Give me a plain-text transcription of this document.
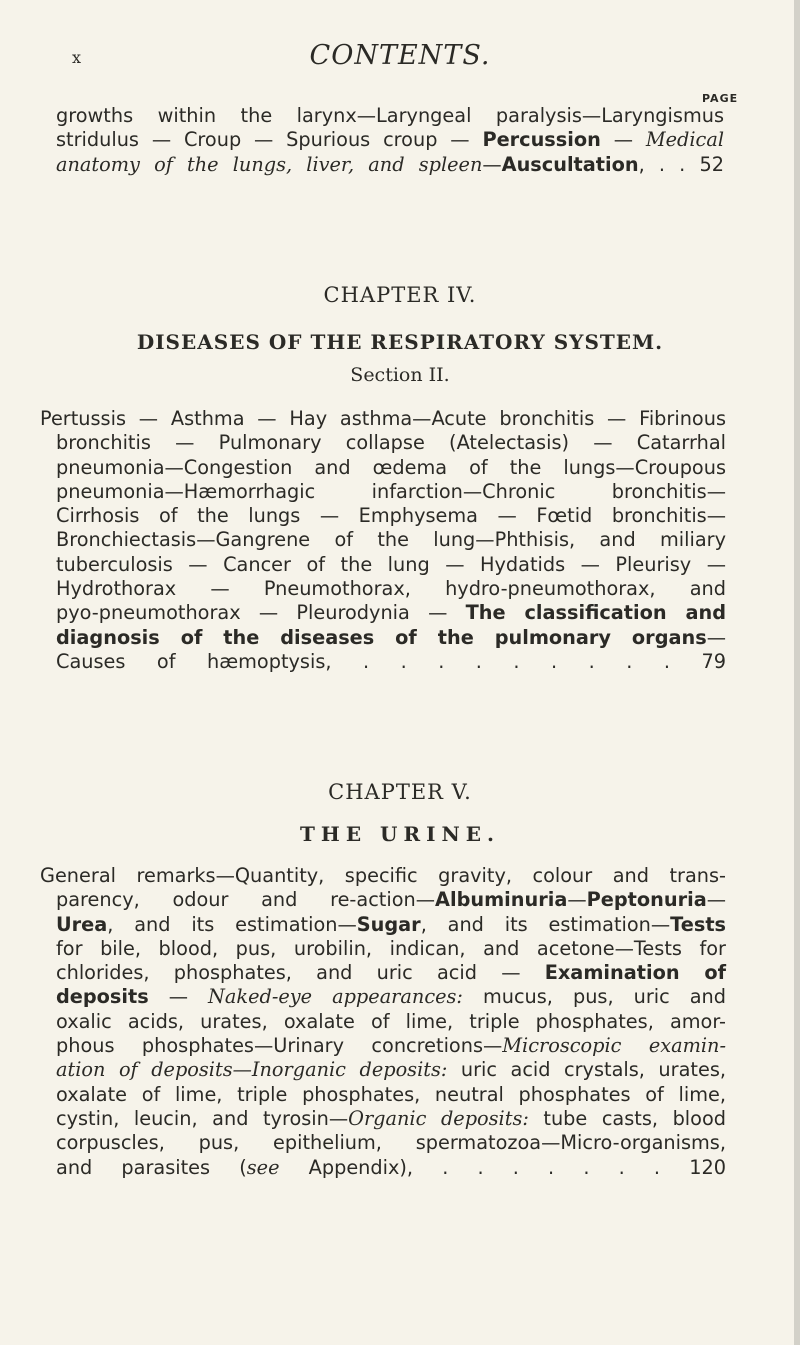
x	CONTENTS.
PAGE
growths within the larynx—Laryngeal paralysis—Laryngismus
stridulus — Croup — Spurious croup — Percussion — Medical
anatomy of the lungs, liver, and spleen—Auscultation, . . 52
CHAPTER IV.
DISEASES OF THE RESPIRATORY SYSTEM.
Section II.
Pertussis — Asthma — Hay asthma—Acute bronchitis — Fibrinous
bronchitis — Pulmonary collapse (Atelectasis) — Catarrhal
pneumonia—Congestion and œdema of the lungs—Croupous
pneumonia—Hæmorrhagic infarction—Chronic bronchitis—
Cirrhosis of the lungs — Emphysema — Fœtid bronchitis—
Bronchiectasis—Gangrene of the lung—Phthisis, and miliary
tuberculosis — Cancer of the lung — Hydatids — Pleurisy —
Hydrothorax — Pneumothorax, hydro-pneumothorax, and
pyo-pneumothorax — Pleurodynia — The classification and
diagnosis of the diseases of the pulmonary organs—
Causes of hæmoptysis, . . . . . . . . . 79
CHAPTER V.
THE URINE.
General remarks—Quantity, specific gravity, colour and trans-
parency, odour and re-action—Albuminuria—Peptonuria—
Urea, and its estimation—Sugar, and its estimation—Tests
for bile, blood, pus, urobilin, indican, and acetone—Tests for
chlorides, phosphates, and uric acid — Examination of
deposits — Naked-eye appearances: mucus, pus, uric and
oxalic acids, urates, oxalate of lime, triple phosphates, amor-
phous phosphates—Urinary concretions—Microscopic examin-
ation of deposits—Inorganic deposits: uric acid crystals, urates,
oxalate of lime, triple phosphates, neutral phosphates of lime,
cystin, leucin, and tyrosin—Organic deposits: tube casts, blood
corpuscles, pus, epithelium, spermatozoa—Micro-organisms,
and parasites (see Appendix), . . . . . . . 120
